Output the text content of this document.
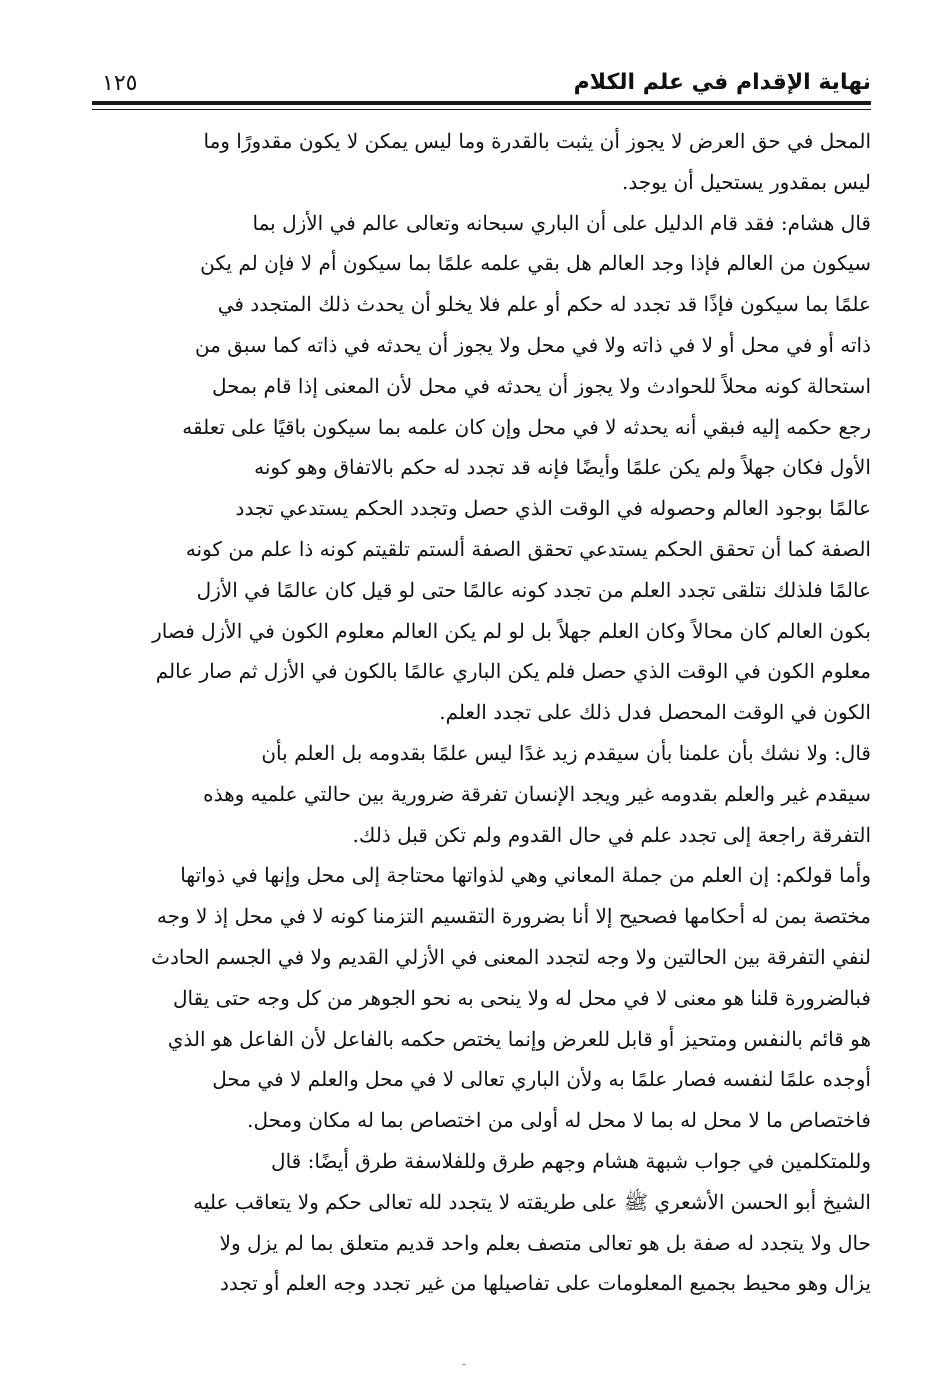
نهاية الإقدام في علم الكلام
١٢٥
المحل في حق العرض لا يجوز أن يثبت بالقدرة وما ليس يمكن لا يكون مقدورًا وما
ليس بمقدور يستحيل أن يوجد.
قال هشام: فقد قام الدليل على أن الباري سبحانه وتعالى عالم في الأزل بما
سيكون من العالم فإذا وجد العالم هل بقي علمه علمًا بما سيكون أم لا فإن لم يكن
علمًا بما سيكون فإذًا قد تجدد له حكم أو علم فلا يخلو أن يحدث ذلك المتجدد في
ذاته أو في محل أو لا في ذاته ولا في محل ولا يجوز أن يحدثه في ذاته كما سبق من
استحالة كونه محلاً للحوادث ولا يجوز أن يحدثه في محل لأن المعنى إذا قام بمحل
رجع حكمه إليه فبقي أنه يحدثه لا في محل وإن كان علمه بما سيكون باقيًا على تعلقه
الأول فكان جهلاً ولم يكن علمًا وأيضًا فإنه قد تجدد له حكم بالاتفاق وهو كونه
عالمًا بوجود العالم وحصوله في الوقت الذي حصل وتجدد الحكم يستدعي تجدد
الصفة كما أن تحقق الحكم يستدعي تحقق الصفة ألستم تلقيتم كونه ذا علم من كونه
عالمًا فلذلك نتلقى تجدد العلم من تجدد كونه عالمًا حتى لو قيل كان عالمًا في الأزل
بكون العالم كان محالاً وكان العلم جهلاً بل لو لم يكن العالم معلوم الكون في الأزل فصار
معلوم الكون في الوقت الذي حصل فلم يكن الباري عالمًا بالكون في الأزل ثم صار عالم
الكون في الوقت المحصل فدل ذلك على تجدد العلم.
قال: ولا نشك بأن علمنا بأن سيقدم زيد غدًا ليس علمًا بقدومه بل العلم بأن
سيقدم غير والعلم بقدومه غير ويجد الإنسان تفرقة ضرورية بين حالتي علميه وهذه
التفرقة راجعة إلى تجدد علم في حال القدوم ولم تكن قبل ذلك.
وأما قولكم: إن العلم من جملة المعاني وهي لذواتها محتاجة إلى محل وإنها في ذواتها
مختصة بمن له أحكامها فصحيح إلا أنا بضرورة التقسيم التزمنا كونه لا في محل إذ لا وجه
لنفي التفرقة بين الحالتين ولا وجه لتجدد المعنى في الأزلي القديم ولا في الجسم الحادث
فبالضرورة قلنا هو معنى لا في محل له ولا ينحى به نحو الجوهر من كل وجه حتى يقال
هو قائم بالنفس ومتحيز أو قابل للعرض وإنما يختص حكمه بالفاعل لأن الفاعل هو الذي
أوجده علمًا لنفسه فصار علمًا به ولأن الباري تعالى لا في محل والعلم لا في محل
فاختصاص ما لا محل له بما لا محل له أولى من اختصاص بما له مكان ومحل.
وللمتكلمين في جواب شبهة هشام وجهم طرق وللفلاسفة طرق أيضًا: قال
الشيخ أبو الحسن الأشعري ﷺ على طريقته لا يتجدد لله تعالى حكم ولا يتعاقب عليه
حال ولا يتجدد له صفة بل هو تعالى متصف بعلم واحد قديم متعلق بما لم يزل ولا
يزال وهو محيط بجميع المعلومات على تفاصيلها من غير تجدد وجه العلم أو تجدد
